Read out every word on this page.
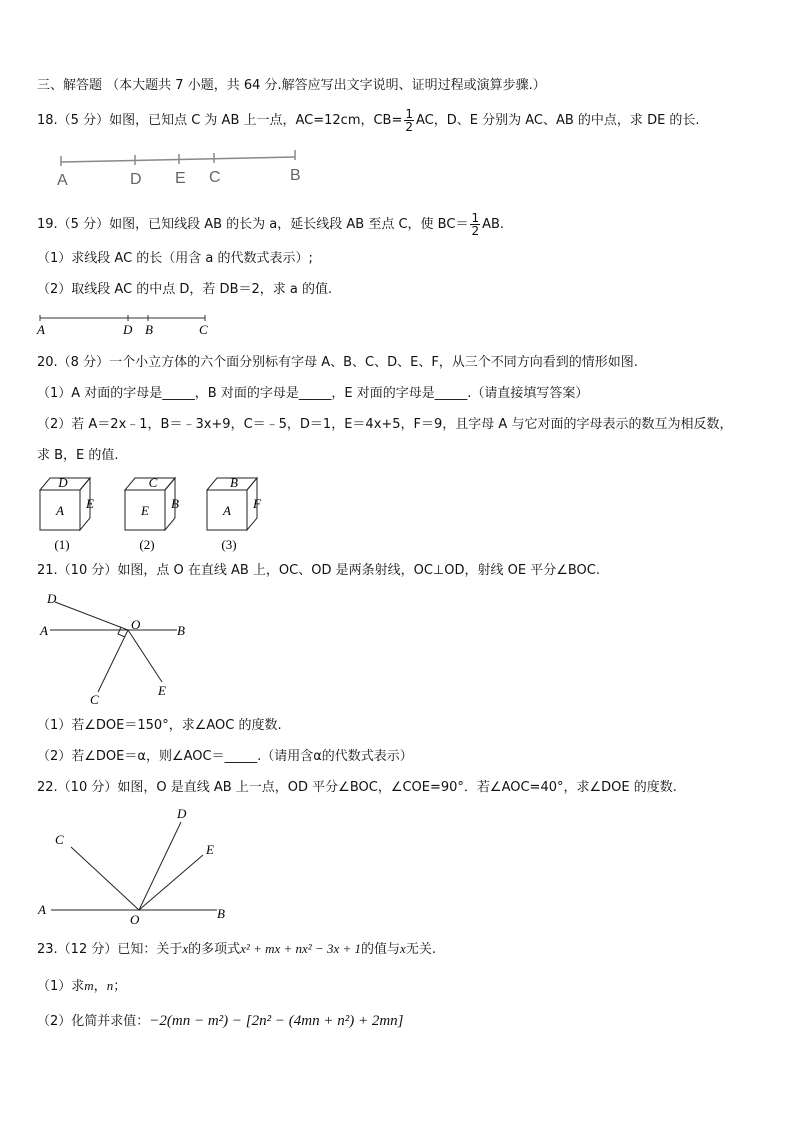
三、解答题 （本大题共 7 小题，共 64 分.解答应写出文字说明、证明过程或演算步骤.）
18.（5 分）如图，已知点 C 为 AB 上一点，AC=12cm，$CB= \frac{1}{2}$ AC，D、E 分别为 AC、AB 的中点，求 DE 的长.
A	D E C	B
19.（5 分）如图，已知线段 AB 的长为 a，延长线段 AB 至点 C，使 $BC= \frac{1}{2}$ AB.
（1）求线段 AC 的长（用含 a 的代数式表示）;
（2）取线段 AC 的中点 D，若 DB＝2，求 a 的值.
A	D B	C
20.（8 分）一个小立方体的六个面分别标有字母 A、B、C、D、E、F，从三个不同方向看到的情形如图.
（1）A 对面的字母是_____，B 对面的字母是_____，E 对面的字母是_____.（请直接填写答案）
（2）若 A＝2x﹣1，B＝﹣3x+9，C＝﹣5，D＝1，E＝4x+5，F＝9，且字母 A 与它对面的字母表示的数互为相反数，
求 B，E 的值.
D
A E
(1)
C
E B
(2)
B
A F
(3)
21.（10 分）如图，点 O 在直线 AB 上，OC、OD 是两条射线，OC⊥OD，射线 OE 平分∠BOC.
D
A	O	B
C
E
（1）若∠DOE＝150°，求∠AOC 的度数.
（2）若∠DOE＝α，则∠AOC＝_____.（请用含α的代数式表示）
22.（10 分）如图，O 是直线 AB 上一点，OD 平分∠BOC，∠COE=90°．若∠AOC=40°，求∠DOE 的度数.
C
D
E
A
O	B
23.（12 分）已知：关于x的多项式x² + mx + nx² − 3x + 1的值与x无关.
（1）求m，n；
（2）化简并求值：−2(mn − m²) − [2n² − (4mn + n²) + 2mn]
